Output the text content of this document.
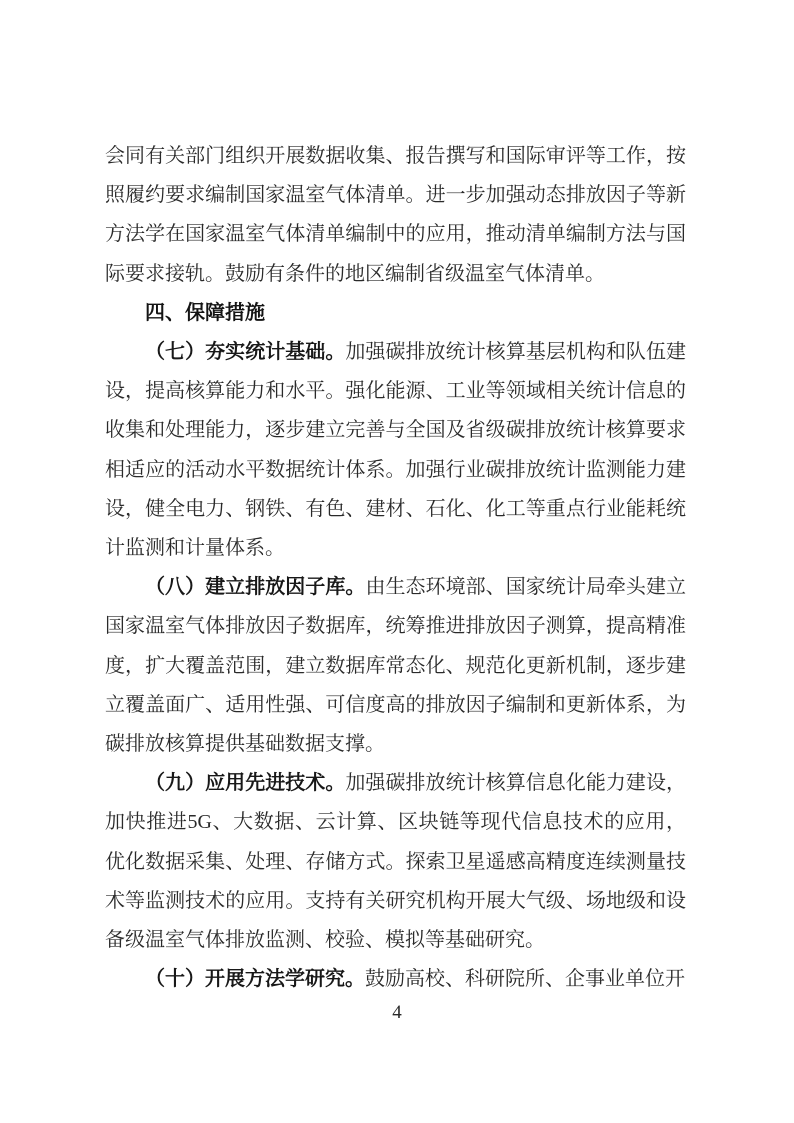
会同有关部门组织开展数据收集、报告撰写和国际审评等工作，按照履约要求编制国家温室气体清单。进一步加强动态排放因子等新方法学在国家温室气体清单编制中的应用，推动清单编制方法与国际要求接轨。鼓励有条件的地区编制省级温室气体清单。

四、保障措施

（七）夯实统计基础。加强碳排放统计核算基层机构和队伍建设，提高核算能力和水平。强化能源、工业等领域相关统计信息的收集和处理能力，逐步建立完善与全国及省级碳排放统计核算要求相适应的活动水平数据统计体系。加强行业碳排放统计监测能力建设，健全电力、钢铁、有色、建材、石化、化工等重点行业能耗统计监测和计量体系。

（八）建立排放因子库。由生态环境部、国家统计局牵头建立国家温室气体排放因子数据库，统筹推进排放因子测算，提高精准度，扩大覆盖范围，建立数据库常态化、规范化更新机制，逐步建立覆盖面广、适用性强、可信度高的排放因子编制和更新体系，为碳排放核算提供基础数据支撑。

（九）应用先进技术。加强碳排放统计核算信息化能力建设，加快推进5G、大数据、云计算、区块链等现代信息技术的应用，优化数据采集、处理、存储方式。探索卫星遥感高精度连续测量技术等监测技术的应用。支持有关研究机构开展大气级、场地级和设备级温室气体排放监测、校验、模拟等基础研究。

（十）开展方法学研究。鼓励高校、科研院所、企事业单位开

4
